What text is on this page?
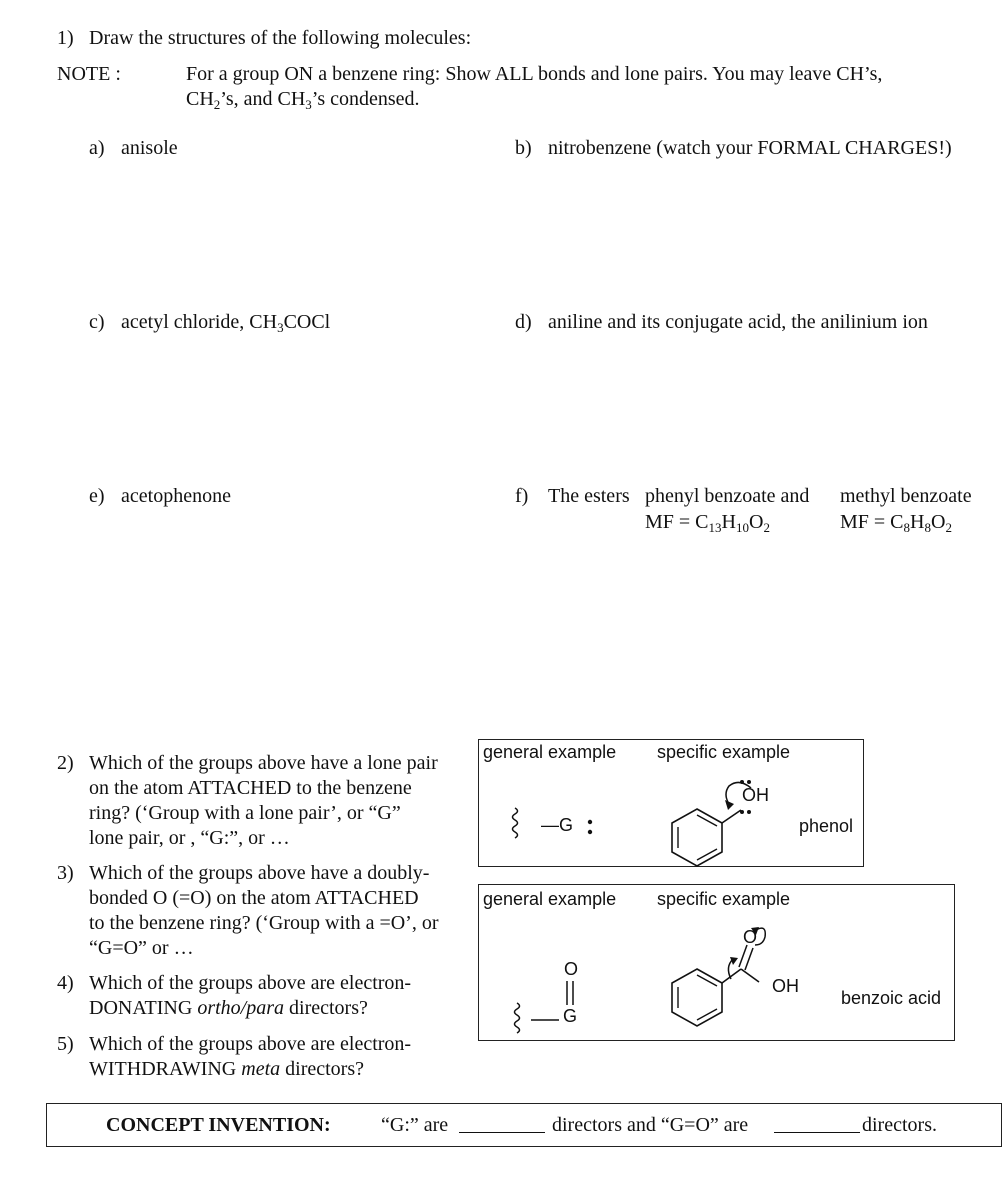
1) Draw the structures of the following molecules:
NOTE :	For a group ON a benzene ring: Show ALL bonds and lone pairs. You may leave CH’s,
$CH_2’s$, and $CH_3’s$ condensed.
a) anisole	b) nitrobenzene (watch your FORMAL CHARGES!)
c) acetyl chloride, $CH_3COCl$	d) aniline and its conjugate acid, the anilinium ion
e) acetophenone	f) The esters phenyl benzoate and methyl benzoate
MF = $C_{13}H_{10}O_2$	MF = $C_8H_8O_2$
2) Which of the groups above have a lone pair on the atom ATTACHED to the benzene ring? (‘Group with a lone pair’, or “G” lone pair, or , “G:”, or …
3) Which of the groups above have a doubly-bonded O (=O) on the atom ATTACHED to the benzene ring? (‘Group with a =O’, or “G=O” or …
4) Which of the groups above are electron-DONATING ortho/para directors?
5) Which of the groups above are electron-WITHDRAWING meta directors?
general example specific example
—G
OH
phenol
general example specific example
O
G
O
OH
benzoic acid
CONCEPT INVENTION:	“G:” are	directors and “G=O” are	directors.
